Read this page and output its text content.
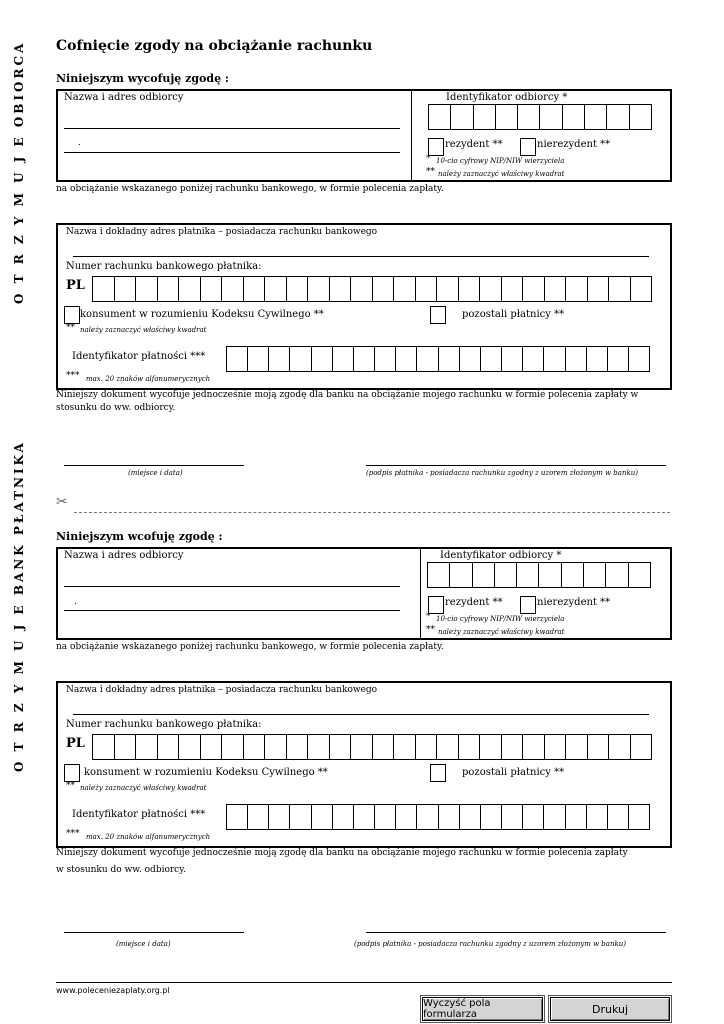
Cofnięcie zgody na obciążanie rachunku
O T R Z Y M U J E OBIORCA
O T R Z Y M U J E BANK PŁATNIKA
Niniejszym wycofuję zgodę :
Nazwa i adres odbiorcy
.
Identyfikator odbiorcy *
rezydent **	nierezydent **
* 10-cio cyfrowy NIP/NIW wierzyciela
** należy zaznaczyć właściwy kwadrat
na obciążanie wskazanego poniżej rachunku bankowego, w formie polecenia zapłaty.
Nazwa i dokładny adres płatnika – posiadacza rachunku bankowego
Numer rachunku bankowego płatnika:
PL
konsument w rozumieniu Kodeksu Cywilnego **	pozostali płatnicy **
** należy zaznaczyć właściwy kwadrat
Identyfikator płatności ***
*** max. 20 znaków alfanumerycznych
Niniejszy dokument wycofuje jednocześnie moją zgodę dla banku na obciążanie mojego rachunku w formie polecenia zapłaty w stosunku do ww. odbiorcy.
(miejsce i data)	(podpis płatnika - posiadacza rachunku zgodny z uzorem złożonym w banku)
✂
Niniejszym wcofuję zgodę :
Nazwa i adres odbiorcy
.
Identyfikator odbiorcy *
rezydent **	nierezydent **
* 10-cio cyfrowy NIP/NIW wierzyciela
** należy zaznaczyć właściwy kwadrat
na obciążanie wskazanego poniżej rachunku bankowego, w formie polecenia zapłaty.
Nazwa i dokładny adres płatnika – posiadacza rachunku bankowego
Numer rachunku bankowego płatnika:
PL
konsument w rozumieniu Kodeksu Cywilnego **	pozostali płatnicy **
** należy zaznaczyć właściwy kwadrat
Identyfikator płatności ***
*** max. 20 znaków alfanumerycznych
Niniejszy dokument wycofuje jednocześnie moją zgodę dla banku na obciążanie mojego rachunku w formie polecenia zapłaty
w stosunku do ww. odbiorcy.
(miejsce i data)	(podpis płatnika - posiadacza rachunku zgodny z uzorem złożonym w banku)
www.poleceniezaplaty.org.pl
Wyczyść pola formularza	Drukuj
